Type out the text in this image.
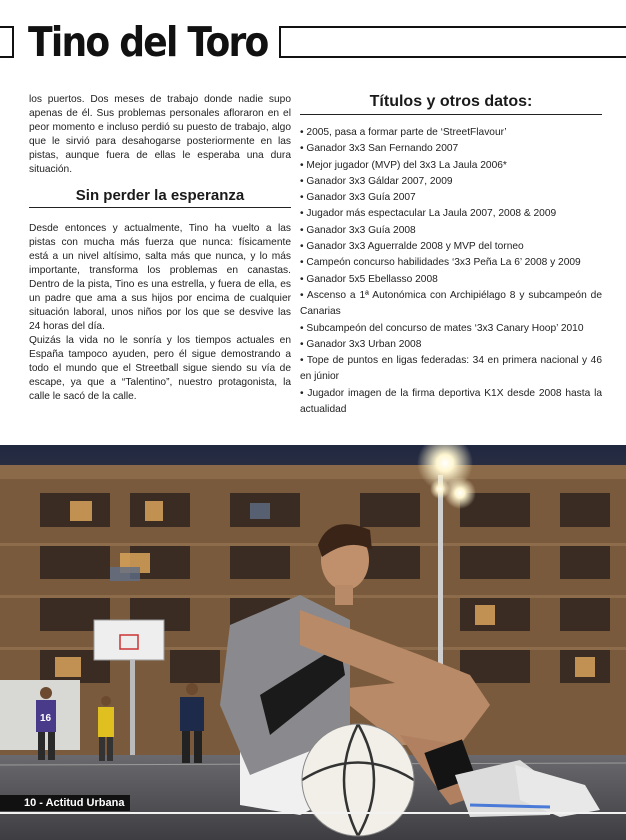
Tino del Toro

los puertos. Dos meses de trabajo donde nadie supo apenas de él. Sus problemas personales afloraron en el peor momento e incluso perdió su puesto de trabajo, algo que le sirvió para desahogarse posteriormente en las pistas, aunque fuera de ellas le esperaba una dura situación.

Sin perder la esperanza

Desde entonces y actualmente, Tino ha vuelto a las pistas con mucha más fuerza que nunca: físicamente está a un nivel altísimo, salta más que nunca, y lo más importante, transforma los problemas en canastas. Dentro de la pista, Tino es una estrella, y fuera de ella, es un padre que ama a sus hijos por encima de cualquier situación laboral, unos niños por los que se desvive las 24 horas del día.

Quizás la vida no le sonría y los tiempos actuales en España tampoco ayuden, pero él sigue demostrando a todo el mundo que el Streetball sigue siendo su vía de escape, ya que a “Talentino”, nuestro protagonista, la calle le sacó de la calle.

Títulos y otros datos:
• 2005, pasa a formar parte de ‘StreetFlavour’
• Ganador 3x3 San Fernando 2007
• Mejor jugador (MVP) del 3x3 La Jaula 2006*
• Ganador 3x3 Gáldar 2007, 2009
• Ganador 3x3 Guía 2007
• Jugador más espectacular La Jaula 2007, 2008 & 2009
• Ganador 3x3 Guía 2008
• Ganador 3x3 Aguerralde 2008 y MVP del torneo
• Campeón concurso habilidades ‘3x3 Peña La 6’ 2008 y 2009
• Ganador 5x5 Ebellasso 2008
• Ascenso a 1ª Autonómica con Archipiélago 8 y subcampeón de Canarias
• Subcampeón del concurso de mates ‘3x3 Canary Hoop’ 2010
• Ganador 3x3 Urban 2008
• Tope de puntos en ligas federadas: 34 en primera nacional y 46 en júnior
• Jugador imagen de la firma deportiva K1X desde 2008 hasta la actualidad
16
10 - Actitud Urbana
